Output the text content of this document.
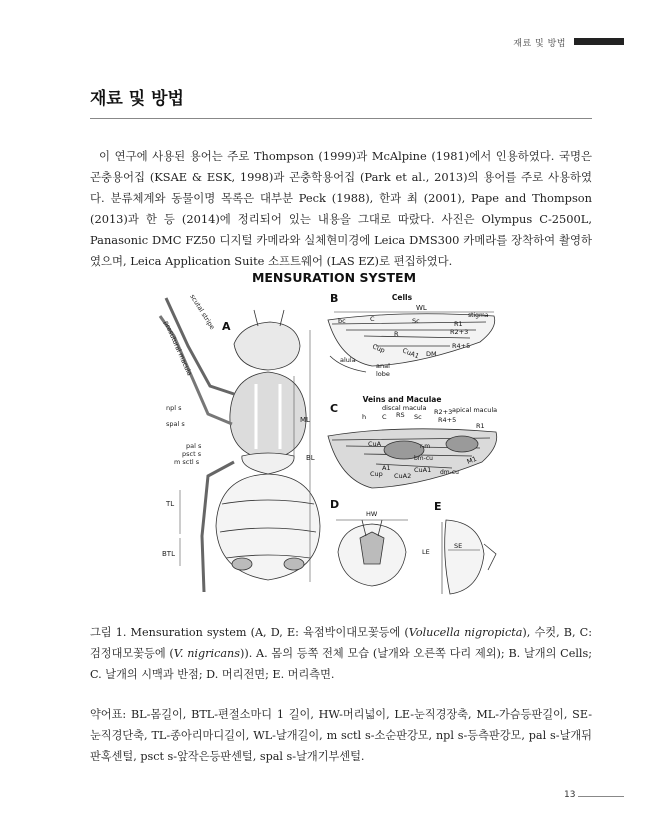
재료 및 방법
재료 및 방법

이 연구에 사용된 용어는 주로 Thompson (1999)과 McAlpine (1981)에서 인용하였다. 국명은 곤충용어집 (KSAE & ESK, 1998)과 곤충학용어집 (Park et al., 2013)의 용어를 주로 사용하였다. 분류체계와 동물이명 목록은 대부분 Peck (1988), 한과 최 (2001), Pape and Thompson (2013)과 한 등 (2014)에 정리되어 있는 내용을 그대로 따랐다. 사진은 Olympus C-2500L, Panasonic DMC FZ50 디지털 카메라와 실체현미경에 Leica DMS300 카메라를 장착하여 촬영하였으며, Leica Application Suite 소프트웨어 (LAS EZ)로 편집하였다.

MENSURATION SYSTEM
A
scutal stripe
presutural macula
npl s
spal s
pal s
psct s
m sctl s
TL
BTL
ML
BL
B	Cells
WL
stigma
bc	C	Sc	R1
R2+3
R
R4+5
Cup CuA1 DM
alula
anal
lobe
C
Veins and Maculae
discal macula	apical macula
h C RS Sc
R2+3
R4+5
R1
r-m
CuA
bm-cu	M1
A1
Cup CuA2
CuA1 dm-cu
D
HW
E
LE
SE

그림 1. Mensuration system (A, D, E: 육점박이대모꽃등에 (Volucella nigropicta), 수컷, B, C: 검정대모꽃등에 (V. nigricans)). A. 몸의 등쪽 전체 모습 (날개와 오른쪽 다리 제외); B. 날개의 Cells; C. 날개의 시맥과 반점; D. 머리전면; E. 머리측면.

약어표: BL-몸길이, BTL-편절소마디 1 길이, HW-머리넓이, LE-눈직경장축, ML-가슴등판길이, SE-눈직경단축, TL-종아리마디길이, WL-날개길이, m sctl s-소순판강모, npl s-등측판강모, pal s-날개뒤판혹센털, psct s-앞작은등판센털, spal s-날개기부센털.

13
